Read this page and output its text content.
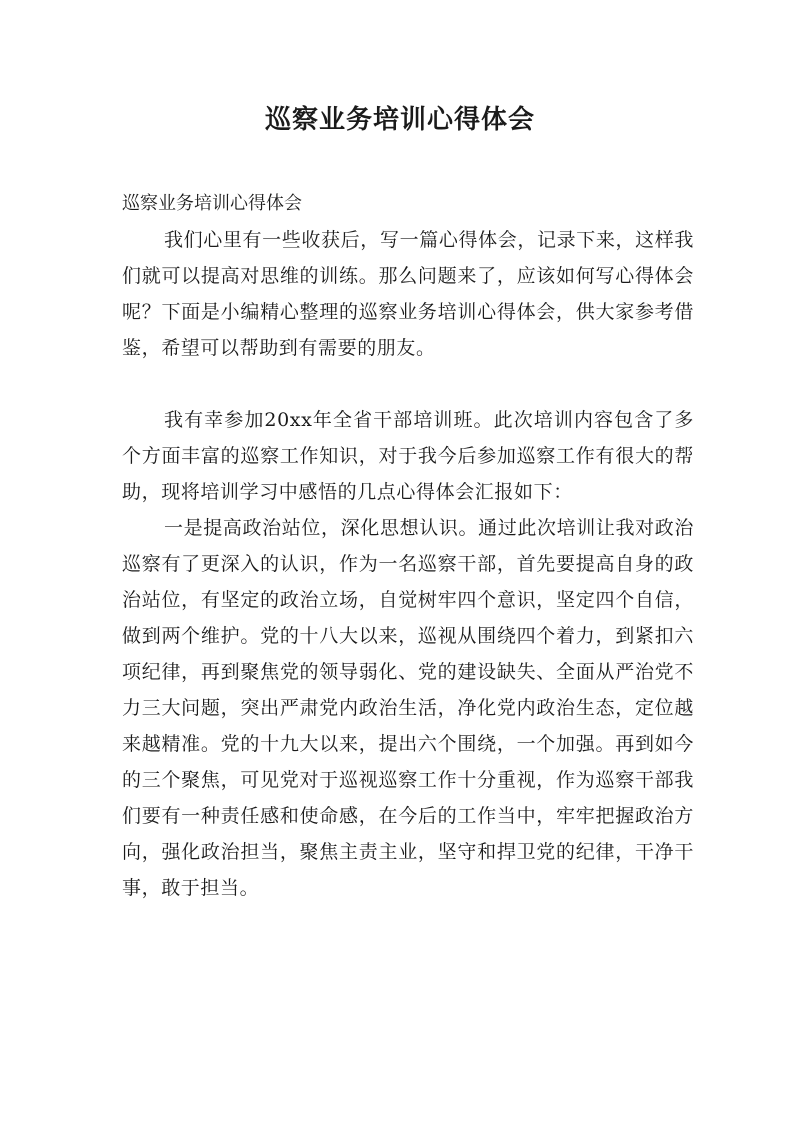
巡察业务培训心得体会

巡察业务培训心得体会

我们心里有一些收获后，写一篇心得体会，记录下来，这样我们就可以提高对思维的训练。那么问题来了，应该如何写心得体会呢？下面是小编精心整理的巡察业务培训心得体会，供大家参考借鉴，希望可以帮助到有需要的朋友。

我有幸参加20xx年全省干部培训班。此次培训内容包含了多个方面丰富的巡察工作知识，对于我今后参加巡察工作有很大的帮助，现将培训学习中感悟的几点心得体会汇报如下：

一是提高政治站位，深化思想认识。通过此次培训让我对政治巡察有了更深入的认识，作为一名巡察干部，首先要提高自身的政治站位，有坚定的政治立场，自觉树牢四个意识，坚定四个自信，做到两个维护。党的十八大以来，巡视从围绕四个着力，到紧扣六项纪律，再到聚焦党的领导弱化、党的建设缺失、全面从严治党不力三大问题，突出严肃党内政治生活，净化党内政治生态，定位越来越精准。党的十九大以来，提出六个围绕，一个加强。再到如今的三个聚焦，可见党对于巡视巡察工作十分重视，作为巡察干部我们要有一种责任感和使命感，在今后的工作当中，牢牢把握政治方向，强化政治担当，聚焦主责主业，坚守和捍卫党的纪律，干净干事，敢于担当。
